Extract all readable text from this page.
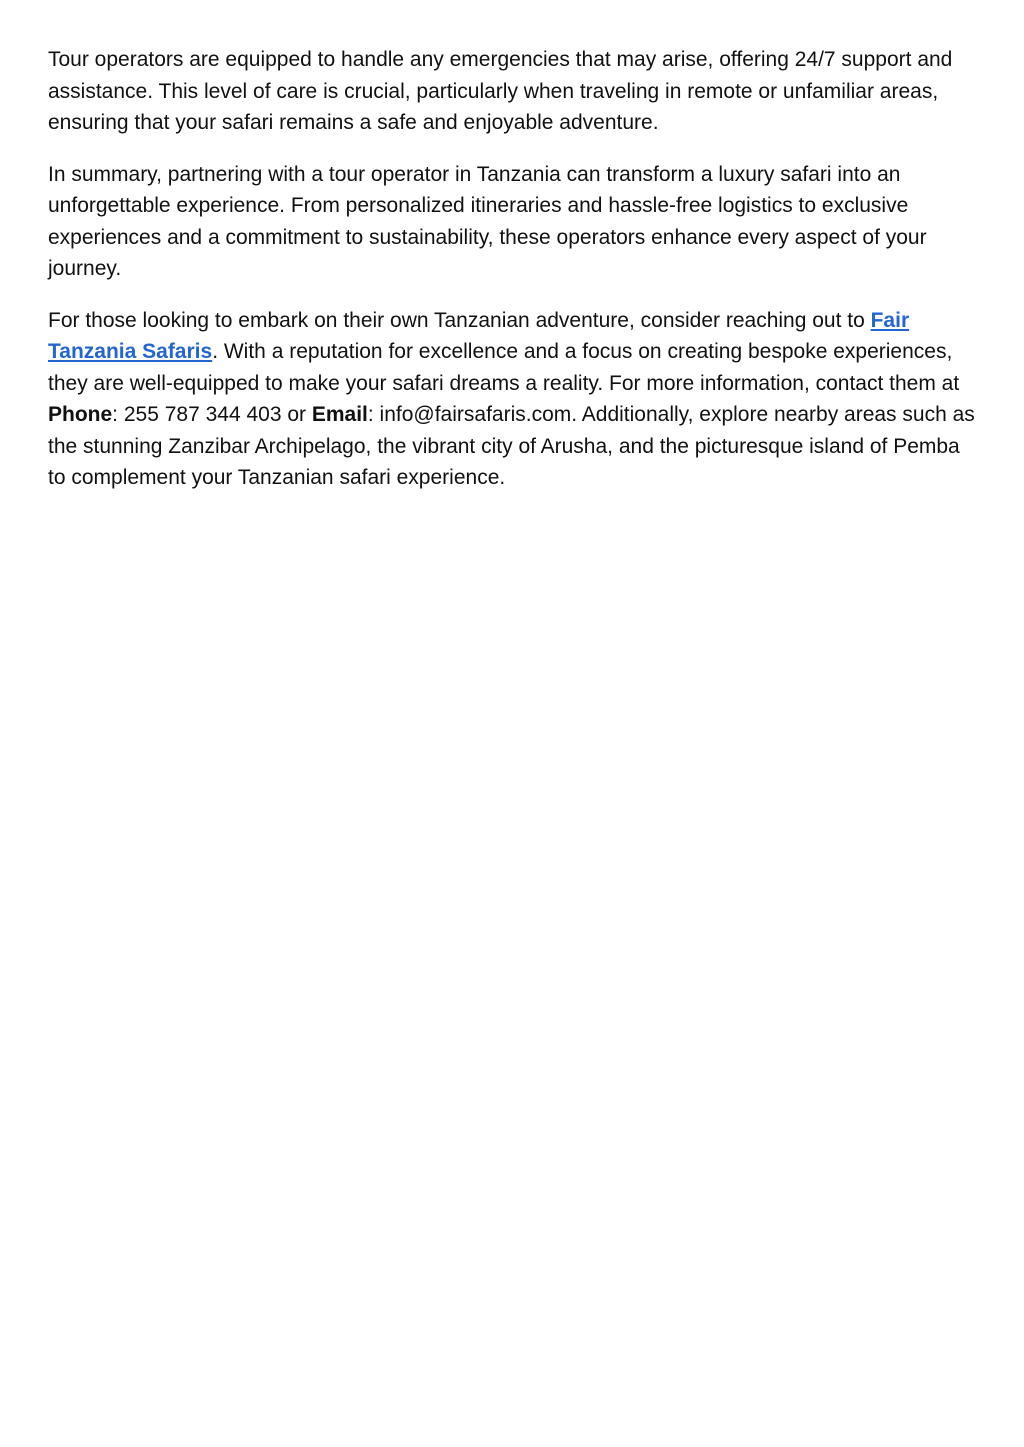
Tour operators are equipped to handle any emergencies that may arise, offering 24/7 support and assistance. This level of care is crucial, particularly when traveling in remote or unfamiliar areas, ensuring that your safari remains a safe and enjoyable adventure.

In summary, partnering with a tour operator in Tanzania can transform a luxury safari into an unforgettable experience. From personalized itineraries and hassle-free logistics to exclusive experiences and a commitment to sustainability, these operators enhance every aspect of your journey.

For those looking to embark on their own Tanzanian adventure, consider reaching out to Fair Tanzania Safaris. With a reputation for excellence and a focus on creating bespoke experiences, they are well-equipped to make your safari dreams a reality. For more information, contact them at Phone: 255 787 344 403 or Email: info@fairsafaris.com. Additionally, explore nearby areas such as the stunning Zanzibar Archipelago, the vibrant city of Arusha, and the picturesque island of Pemba to complement your Tanzanian safari experience.
